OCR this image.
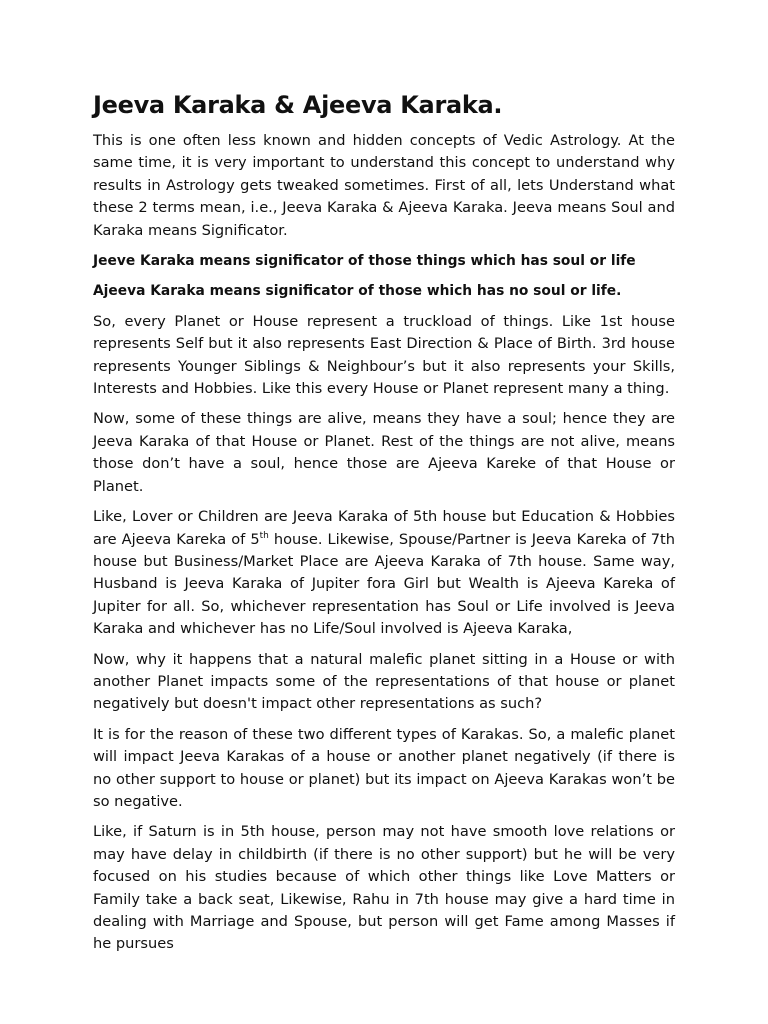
Jeeva Karaka & Ajeeva Karaka.

This is one often less known and hidden concepts of Vedic Astrology. At the same time, it is very important to understand this concept to understand why results in Astrology gets tweaked sometimes. First of all, lets Understand what these 2 terms mean, i.e., Jeeva Karaka & Ajeeva Karaka. Jeeva means Soul and Karaka means Significator.

Jeeve Karaka means significator of those things which has soul or life

Ajeeva Karaka means significator of those which has no soul or life.

So, every Planet or House represent a truckload of things. Like 1st house represents Self but it also represents East Direction & Place of Birth. 3rd house represents Younger Siblings & Neighbour’s but it also represents your Skills, Interests and Hobbies. Like this every House or Planet represent many a thing.

Now, some of these things are alive, means they have a soul; hence they are Jeeva Karaka of that House or Planet. Rest of the things are not alive, means those don’t have a soul, hence those are Ajeeva Kareke of that House or Planet.

Like, Lover or Children are Jeeva Karaka of 5th house but Education & Hobbies are Ajeeva Kareka of 5th house. Likewise, Spouse/Partner is Jeeva Kareka of 7th house but Business/Market Place are Ajeeva Karaka of 7th house. Same way, Husband is Jeeva Karaka of Jupiter fora Girl but Wealth is Ajeeva Kareka of Jupiter for all. So, whichever representation has Soul or Life involved is Jeeva Karaka and whichever has no Life/Soul involved is Ajeeva Karaka,

Now, why it happens that a natural malefic planet sitting in a House or with another Planet impacts some of the representations of that house or planet negatively but doesn't impact other representations as such?

It is for the reason of these two different types of Karakas. So, a malefic planet will impact Jeeva Karakas of a house or another planet negatively (if there is no other support to house or planet) but its impact on Ajeeva Karakas won’t be so negative.

Like, if Saturn is in 5th house, person may not have smooth love relations or may have delay in childbirth (if there is no other support) but he will be very focused on his studies because of which other things like Love Matters or Family take a back seat, Likewise, Rahu in 7th house may give a hard time in dealing with Marriage and Spouse, but person will get Fame among Masses if he pursues
